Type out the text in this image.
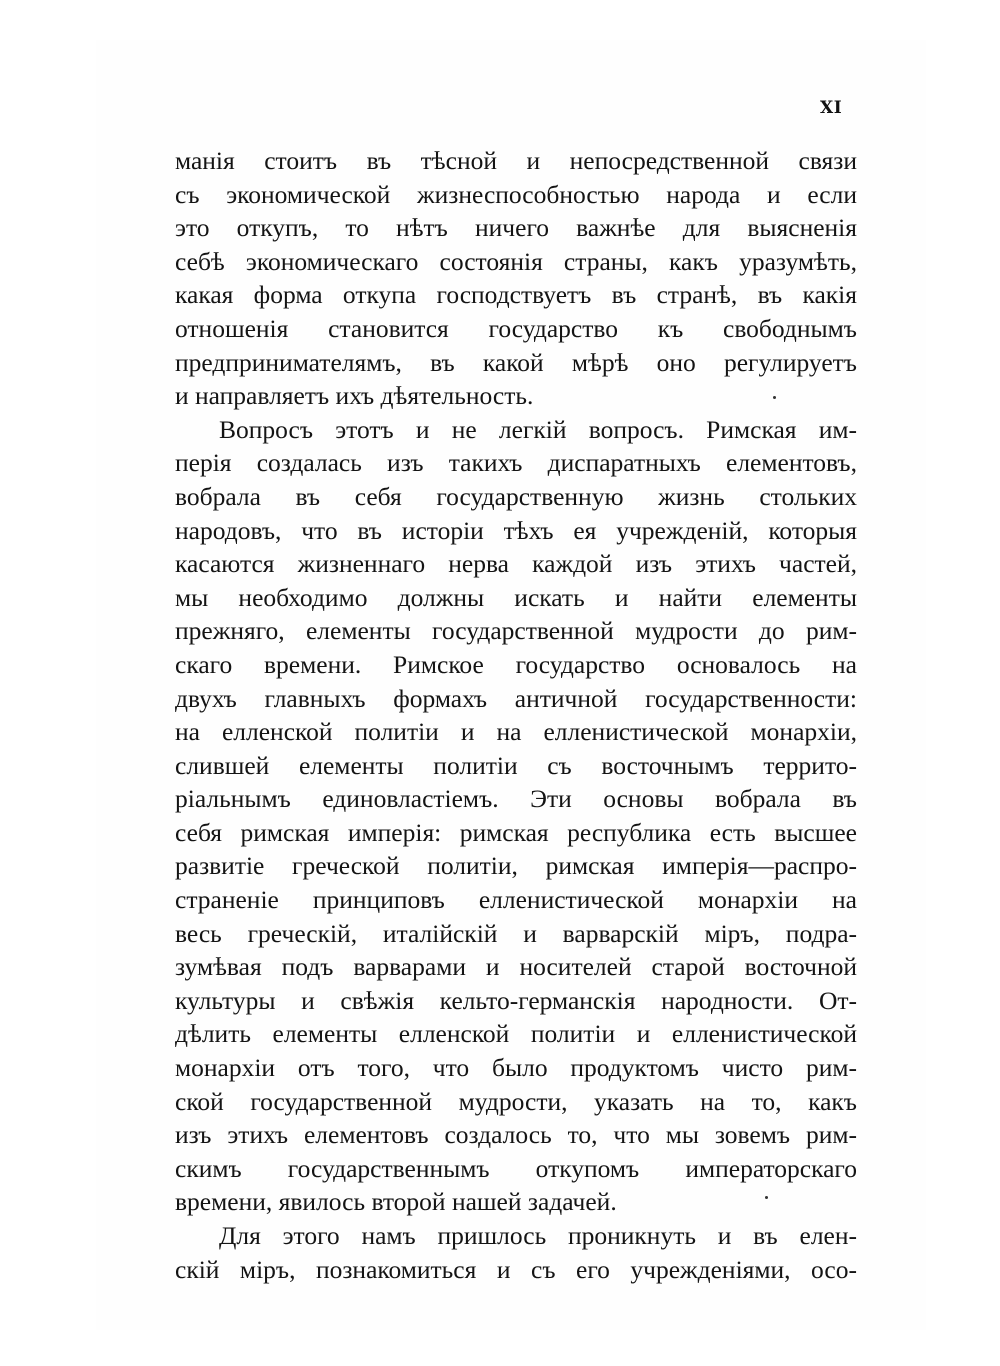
XI
манія стоитъ въ тѣсной и непосредственной связи
съ экономической жизнеспособностью народа и если
это откупъ, то нѣтъ ничего важнѣе для выясненія
себѣ экономическаго состоянія страны, какъ уразумѣть,
какая форма откупа господствуетъ въ странѣ, въ какія
отношенія становится государство къ свободнымъ
предпринимателямъ, въ какой мѣрѣ оно регулируетъ
и направляетъ ихъ дѣятельность.
Вопросъ этотъ и не легкій вопросъ. Римская им-
перія создалась изъ такихъ диспаратныхъ елементовъ,
вобрала въ себя государственную жизнь стольких
народовъ, что въ исторіи тѣхъ ея учрежденій, которыя
касаются жизненнаго нерва каждой изъ этихъ частей,
мы необходимо должны искать и найти елементы
прежняго, елементы государственной мудрости до рим-
скаго времени. Римское государство основалось на
двухъ главныхъ формахъ античной государственности:
на елленской политіи и на елленистической монархіи,
слившей елементы политіи съ восточнымъ террито-
ріальнымъ единовластіемъ. Эти основы вобрала въ
себя римская имперія: римская республика есть высшее
развитіе греческой политіи, римская имперія—распро-
страненіе принциповъ елленистической монархіи на
весь греческій, италійскій и варварскій міръ, подра-
зумѣвая подъ варварами и носителей старой восточной
культуры и свѣжія кельто-германскія народности. От-
дѣлить елементы елленской политіи и елленистической
монархіи отъ того, что было продуктомъ чисто рим-
ской государственной мудрости, указать на то, какъ
изъ этихъ елементовъ создалось то, что мы зовемъ рим-
скимъ государственнымъ откупомъ императорскаго
времени, явилось второй нашей задачей.
Для этого намъ пришлось проникнуть и въ елен-
скій міръ, познакомиться и съ его учрежденіями, осо-
